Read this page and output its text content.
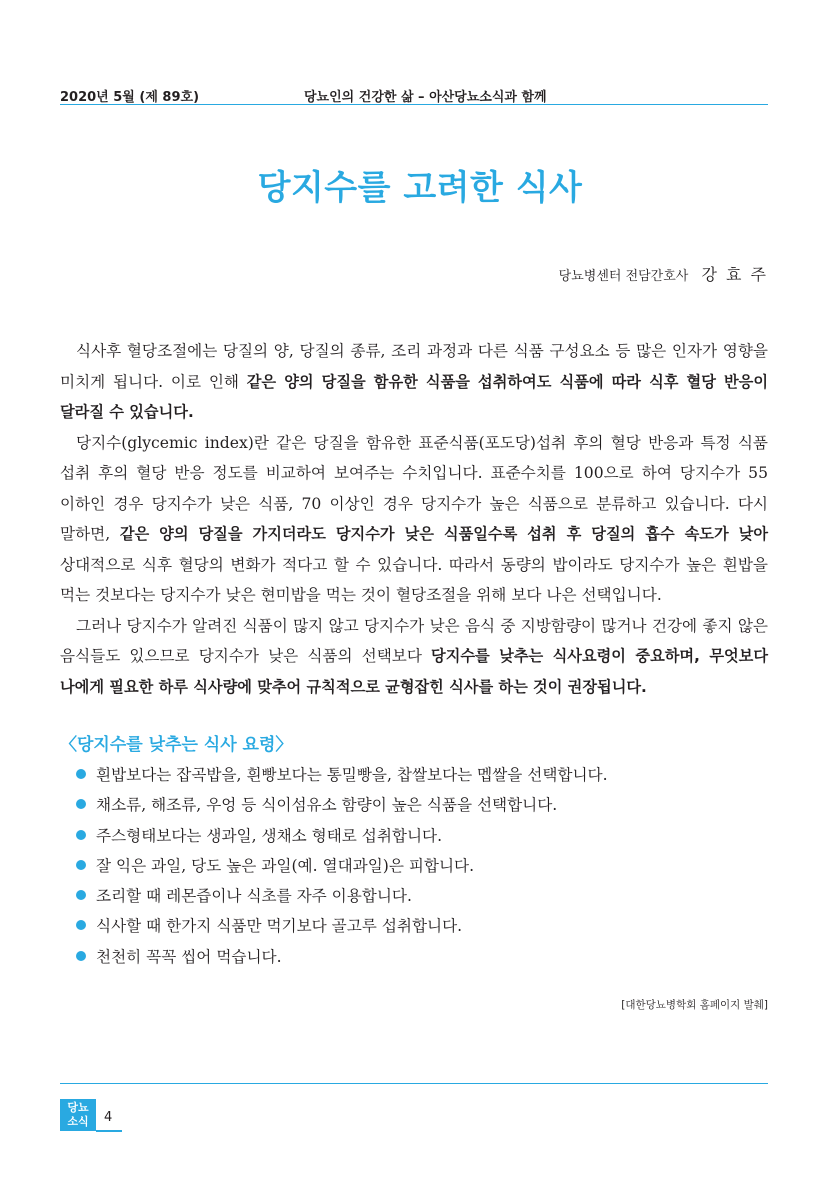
2020년 5월 (제 89호)	당뇨인의 건강한 삶 – 아산당뇨소식과 함께
당지수를 고려한 식사
당뇨병센터 전담간호사 강 효 주

식사후 혈당조절에는 당질의 양, 당질의 종류, 조리 과정과 다른 식품 구성요소 등 많은 인자가 영향을 미치게 됩니다. 이로 인해 같은 양의 당질을 함유한 식품을 섭취하여도 식품에 따라 식후 혈당 반응이 달라질 수 있습니다.

당지수(glycemic index)란 같은 당질을 함유한 표준식품(포도당)섭취 후의 혈당 반응과 특정 식품 섭취 후의 혈당 반응 정도를 비교하여 보여주는 수치입니다. 표준수치를 100으로 하여 당지수가 55 이하인 경우 당지수가 낮은 식품, 70 이상인 경우 당지수가 높은 식품으로 분류하고 있습니다. 다시 말하면, 같은 양의 당질을 가지더라도 당지수가 낮은 식품일수록 섭취 후 당질의 흡수 속도가 낮아 상대적으로 식후 혈당의 변화가 적다고 할 수 있습니다. 따라서 동량의 밥이라도 당지수가 높은 흰밥을 먹는 것보다는 당지수가 낮은 현미밥을 먹는 것이 혈당조절을 위해 보다 나은 선택입니다.

그러나 당지수가 알려진 식품이 많지 않고 당지수가 낮은 음식 중 지방함량이 많거나 건강에 좋지 않은 음식들도 있으므로 당지수가 낮은 식품의 선택보다 당지수를 낮추는 식사요령이 중요하며, 무엇보다 나에게 필요한 하루 식사량에 맞추어 규칙적으로 균형잡힌 식사를 하는 것이 권장됩니다.

〈당지수를 낮추는 식사 요령〉
흰밥보다는 잡곡밥을, 흰빵보다는 통밀빵을, 찹쌀보다는 멥쌀을 선택합니다.
채소류, 해조류, 우엉 등 식이섬유소 함량이 높은 식품을 선택합니다.
주스형태보다는 생과일, 생채소 형태로 섭취합니다.
잘 익은 과일, 당도 높은 과일(예. 열대과일)은 피합니다.
조리할 때 레몬즙이나 식초를 자주 이용합니다.
식사할 때 한가지 식품만 먹기보다 골고루 섭취합니다.
천천히 꼭꼭 씹어 먹습니다.
[대한당뇨병학회 홈페이지 발췌]
당뇨
소식	4
